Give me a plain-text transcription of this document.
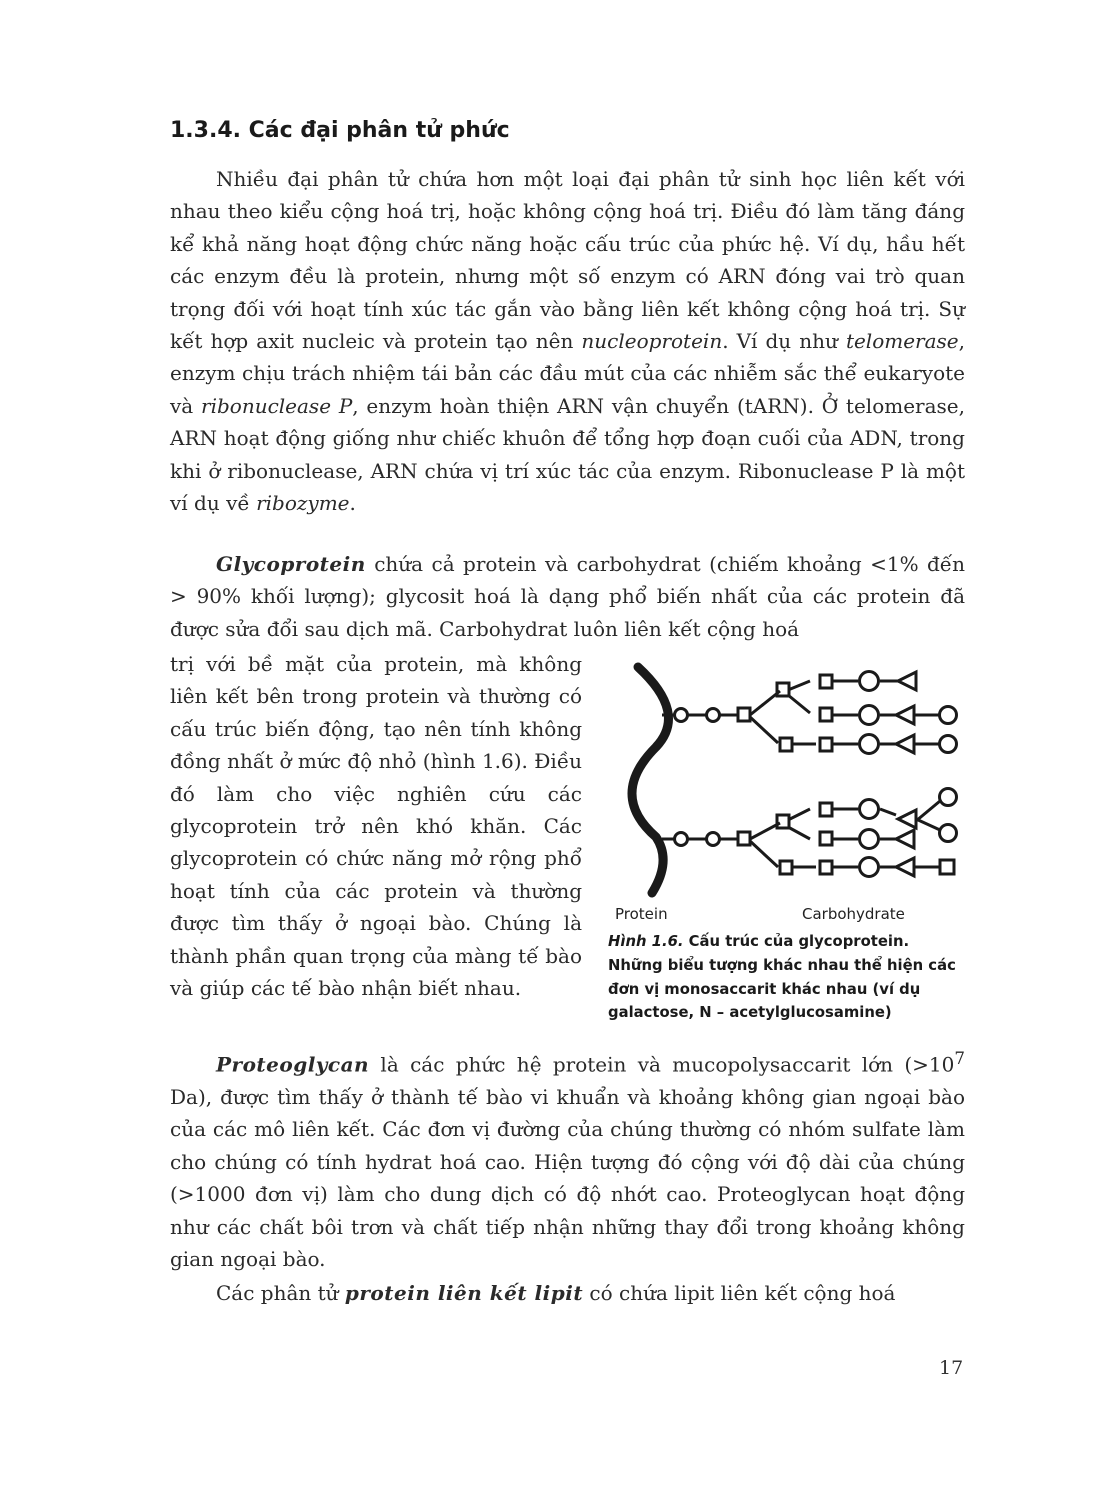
1.3.4. Các đại phân tử phức

Nhiều đại phân tử chứa hơn một loại đại phân tử sinh học liên kết với nhau theo kiểu cộng hoá trị, hoặc không cộng hoá trị. Điều đó làm tăng đáng kể khả năng hoạt động chức năng hoặc cấu trúc của phức hệ. Ví dụ, hầu hết các enzym đều là protein, nhưng một số enzym có ARN đóng vai trò quan trọng đối với hoạt tính xúc tác gắn vào bằng liên kết không cộng hoá trị. Sự kết hợp axit nucleic và protein tạo nên nucleoprotein. Ví dụ như telomerase, enzym chịu trách nhiệm tái bản các đầu mút của các nhiễm sắc thể eukaryote và ribonuclease P, enzym hoàn thiện ARN vận chuyển (tARN). Ở telomerase, ARN hoạt động giống như chiếc khuôn để tổng hợp đoạn cuối của ADN, trong khi ở ribonuclease, ARN chứa vị trí xúc tác của enzym. Ribonuclease P là một ví dụ về ribozyme.

Glycoprotein chứa cả protein và carbohydrat (chiếm khoảng <1% đến > 90% khối lượng); glycosit hoá là dạng phổ biến nhất của các protein đã được sửa đổi sau dịch mã. Carbohydrat luôn liên kết cộng hoá

trị với bề mặt của protein, mà không liên kết bên trong protein và thường có cấu trúc biến động, tạo nên tính không đồng nhất ở mức độ nhỏ (hình 1.6). Điều đó làm cho việc nghiên cứu các glycoprotein trở nên khó khăn. Các glycoprotein có chức năng mở rộng phổ hoạt tính của các protein và thường được tìm thấy ở ngoại bào. Chúng là thành phần quan trọng của màng tế bào và giúp các tế bào nhận biết nhau.

Protein	Carbohydrate

Hình 1.6. Cấu trúc của glycoprotein. Những biểu tượng khác nhau thể hiện các đơn vị monosaccarit khác nhau (ví dụ galactose, N – acetylglucosamine)

Proteoglycan là các phức hệ protein và mucopolysaccarit lớn ($>10^7$ Da), được tìm thấy ở thành tế bào vi khuẩn và khoảng không gian ngoại bào của các mô liên kết. Các đơn vị đường của chúng thường có nhóm sulfate làm cho chúng có tính hydrat hoá cao. Hiện tượng đó cộng với độ dài của chúng (>1000 đơn vị) làm cho dung dịch có độ nhớt cao. Proteoglycan hoạt động như các chất bôi trơn và chất tiếp nhận những thay đổi trong khoảng không gian ngoại bào.

Các phân tử protein liên kết lipit có chứa lipit liên kết cộng hoá

17
